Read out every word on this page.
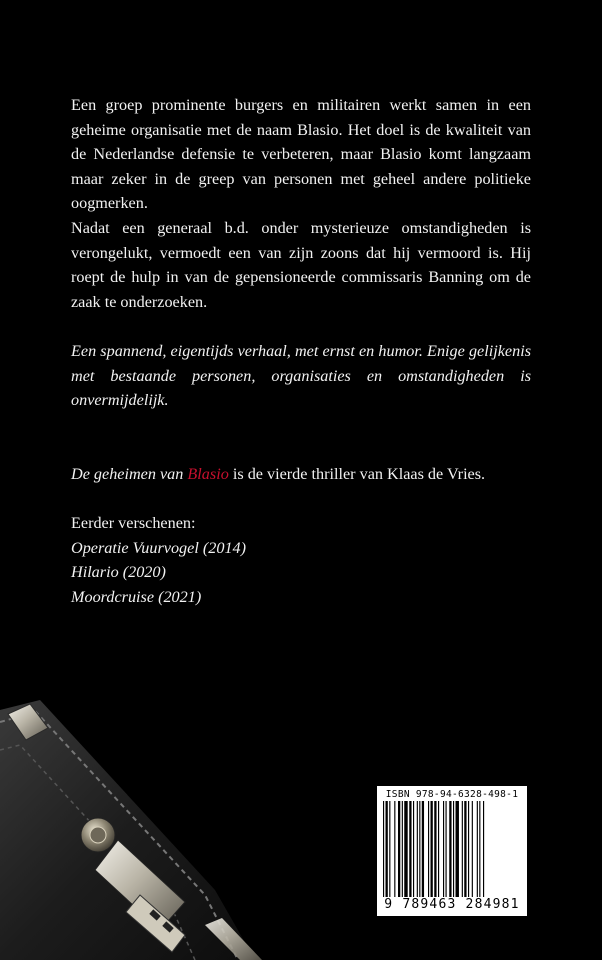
Een groep prominente burgers en militairen werkt samen in een geheime organisatie met de naam Blasio. Het doel is de kwaliteit van de Nederlandse defensie te verbeteren, maar Blasio komt langzaam maar zeker in de greep van personen met geheel andere politieke oogmerken.

Nadat een generaal b.d. onder mysterieuze omstandigheden is verongelukt, vermoedt een van zijn zoons dat hij vermoord is. Hij roept de hulp in van de gepensioneerde commissaris Banning om de zaak te onderzoeken.

Een spannend, eigentijds verhaal, met ernst en humor. Enige gelijkenis met bestaande personen, organisaties en omstandigheden is onvermijdelijk.

De geheimen van Blasio is de vierde thriller van Klaas de Vries.

Eerder verschenen:
Operatie Vuurvogel (2014)
Hilario (2020)
Moordcruise (2021)

ISBN 978-94-6328-498-1
9 789463 284981
